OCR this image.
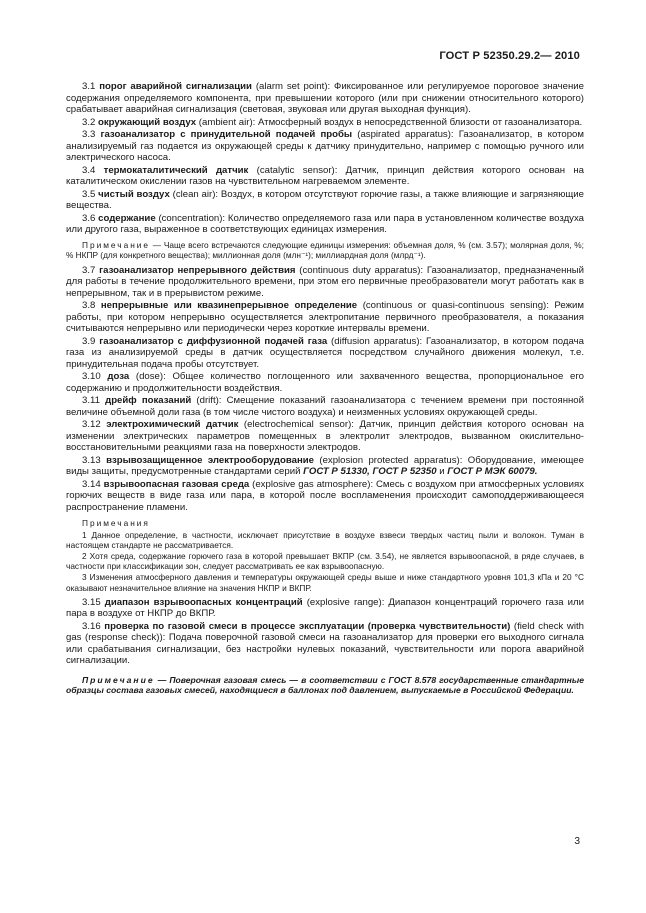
ГОСТ Р 52350.29.2— 2010

3.1 порог аварийной сигнализации (alarm set point): Фиксированное или регулируемое пороговое значение содержания определяемого компонента, при превышении которого (или при снижении относительного которого) срабатывает аварийная сигнализация (световая, звуковая или другая выходная функция).

3.2 окружающий воздух (ambient air): Атмосферный воздух в непосредственной близости от газоанализатора.

3.3 газоанализатор с принудительной подачей пробы (aspirated apparatus): Газоанализатор, в котором анализируемый газ подается из окружающей среды к датчику принудительно, например с помощью ручного или электрического насоса.

3.4 термокаталитический датчик (catalytic sensor): Датчик, принцип действия которого основан на каталитическом окислении газов на чувствительном нагреваемом элементе.

3.5 чистый воздух (clean air): Воздух, в котором отсутствуют горючие газы, а также влияющие и загрязняющие вещества.

3.6 содержание (concentration): Количество определяемого газа или пара в установленном количестве воздуха или другого газа, выраженное в соответствующих единицах измерения.

Примечание — Чаще всего встречаются следующие единицы измерения: объемная доля, % (см. 3.57); молярная доля, %; % НКПР (для конкретного вещества); миллионная доля (млн⁻¹); миллиардная доля (млрд⁻¹).

3.7 газоанализатор непрерывного действия (continuous duty apparatus): Газоанализатор, предназначенный для работы в течение продолжительного времени, при этом его первичные преобразователи могут работать как в непрерывном, так и в прерывистом режиме.

3.8 непрерывные или квазинепрерывное определение (continuous or quasi-continuous sensing): Режим работы, при котором непрерывно осуществляется электропитание первичного преобразователя, а показания считываются непрерывно или периодически через короткие интервалы времени.

3.9 газоанализатор с диффузионной подачей газа (diffusion apparatus): Газоанализатор, в котором подача газа из анализируемой среды в датчик осуществляется посредством случайного движения молекул, т.е. принудительная подача пробы отсутствует.

3.10 доза (dose): Общее количество поглощенного или захваченного вещества, пропорциональное его содержанию и продолжительности воздействия.

3.11 дрейф показаний (drift): Смещение показаний газоанализатора с течением времени при постоянной величине объемной доли газа (в том числе чистого воздуха) и неизменных условиях окружающей среды.

3.12 электрохимический датчик (electrochemical sensor): Датчик, принцип действия которого основан на изменении электрических параметров помещенных в электролит электродов, вызванном окислительно-восстановительными реакциями газа на поверхности электродов.

3.13 взрывозащищенное электрооборудование (explosion protected apparatus): Оборудование, имеющее виды защиты, предусмотренные стандартами серий ГОСТ Р 51330, ГОСТ Р 52350 и ГОСТ Р МЭК 60079.

3.14 взрывоопасная газовая среда (explosive gas atmosphere): Смесь с воздухом при атмосферных условиях горючих веществ в виде газа или пара, в которой после воспламенения происходит самоподдерживающееся распространение пламени.

Примечания

1 Данное определение, в частности, исключает присутствие в воздухе взвеси твердых частиц пыли и волокон. Туман в настоящем стандарте не рассматривается.

2 Хотя среда, содержание горючего газа в которой превышает ВКПР (см. 3.54), не является взрывоопасной, в ряде случаев, в частности при классификации зон, следует рассматривать ее как взрывоопасную.

3 Изменения атмосферного давления и температуры окружающей среды выше и ниже стандартного уровня 101,3 кПа и 20 °С оказывают незначительное влияние на значения НКПР и ВКПР.

3.15 диапазон взрывоопасных концентраций (explosive range): Диапазон концентраций горючего газа или пара в воздухе от НКПР до ВКПР.

3.16 проверка по газовой смеси в процессе эксплуатации (проверка чувствительности) (field check with gas (response check)): Подача поверочной газовой смеси на газоанализатор для проверки его выходного сигнала или срабатывания сигнализации, без настройки нулевых показаний, чувствительности или порога аварийной сигнализации.

Примечание — Поверочная газовая смесь — в соответствии с ГОСТ 8.578 государственные стандартные образцы состава газовых смесей, находящиеся в баллонах под давлением, выпускаемые в Российской Федерации.

3
